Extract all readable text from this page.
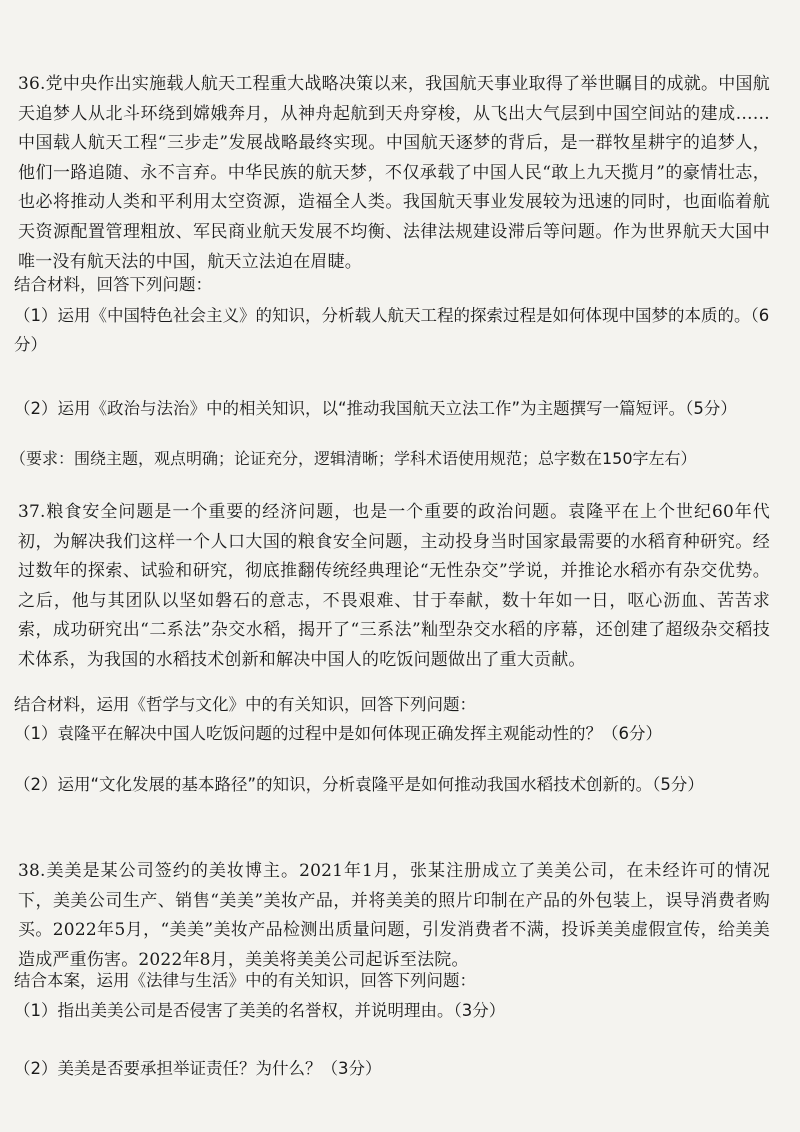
36.党中央作出实施载人航天工程重大战略决策以来，我国航天事业取得了举世瞩目的成就。中国航天追梦人从北斗环绕到嫦娥奔月，从神舟起航到天舟穿梭，从飞出大气层到中国空间站的建成……中国载人航天工程“三步走”发展战略最终实现。中国航天逐梦的背后，是一群牧星耕宇的追梦人，他们一路追随、永不言弃。中华民族的航天梦，不仅承载了中国人民“敢上九天揽月”的豪情壮志，也必将推动人类和平利用太空资源，造福全人类。我国航天事业发展较为迅速的同时，也面临着航天资源配置管理粗放、军民商业航天发展不均衡、法律法规建设滞后等问题。作为世界航天大国中唯一没有航天法的中国，航天立法迫在眉睫。

结合材料，回答下列问题：

（1）运用《中国特色社会主义》的知识，分析载人航天工程的探索过程是如何体现中国梦的本质的。（6分）

（2）运用《政治与法治》中的相关知识，以“推动我国航天立法工作”为主题撰写一篇短评。（5分）

（要求：围绕主题，观点明确；论证充分，逻辑清晰；学科术语使用规范；总字数在150字左右）

37.粮食安全问题是一个重要的经济问题，也是一个重要的政治问题。袁隆平在上个世纪60年代初，为解决我们这样一个人口大国的粮食安全问题，主动投身当时国家最需要的水稻育种研究。经过数年的探索、试验和研究，彻底推翻传统经典理论“无性杂交”学说，并推论水稻亦有杂交优势。之后，他与其团队以坚如磐石的意志，不畏艰难、甘于奉献，数十年如一日，呕心沥血、苦苦求索，成功研究出“二系法”杂交水稻，揭开了“三系法”籼型杂交水稻的序幕，还创建了超级杂交稻技术体系，为我国的水稻技术创新和解决中国人的吃饭问题做出了重大贡献。

结合材料，运用《哲学与文化》中的有关知识，回答下列问题：

（1）袁隆平在解决中国人吃饭问题的过程中是如何体现正确发挥主观能动性的？（6分）

（2）运用“文化发展的基本路径”的知识，分析袁隆平是如何推动我国水稻技术创新的。（5分）

38.美美是某公司签约的美妆博主。2021年1月，张某注册成立了美美公司，在未经许可的情况下，美美公司生产、销售“美美”美妆产品，并将美美的照片印制在产品的外包装上，误导消费者购买。2022年5月，“美美”美妆产品检测出质量问题，引发消费者不满，投诉美美虚假宣传，给美美造成严重伤害。2022年8月，美美将美美公司起诉至法院。

结合本案，运用《法律与生活》中的有关知识，回答下列问题：

（1）指出美美公司是否侵害了美美的名誉权，并说明理由。（3分）

（2）美美是否要承担举证责任？为什么？（3分）
